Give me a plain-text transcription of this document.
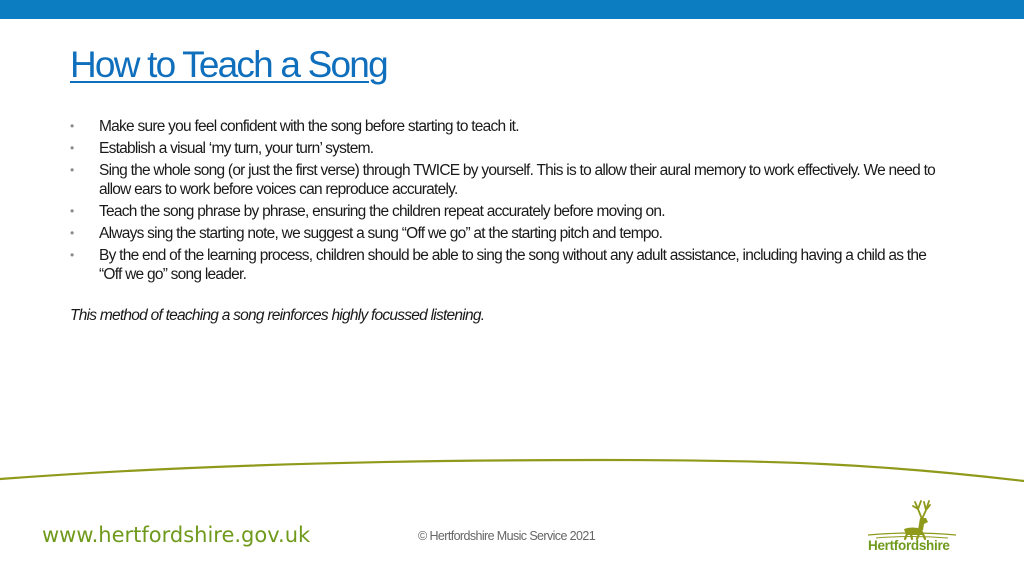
How to Teach a Song
• Make sure you feel confident with the song before starting to teach it.
• Establish a visual ‘my turn, your turn’ system.
• Sing the whole song (or just the first verse) through TWICE by yourself. This is to allow their aural memory to work effectively. We need to allow ears to work before voices can reproduce accurately.
• Teach the song phrase by phrase, ensuring the children repeat accurately before moving on.
• Always sing the starting note, we suggest a sung “Off we go” at the starting pitch and tempo.
• By the end of the learning process, children should be able to sing the song without any adult assistance, including having a child as the “Off we go” song leader.

This method of teaching a song reinforces highly focussed listening.

www.hertfordshire.gov.uk	© Hertfordshire Music Service 2021
Hertfordshire
